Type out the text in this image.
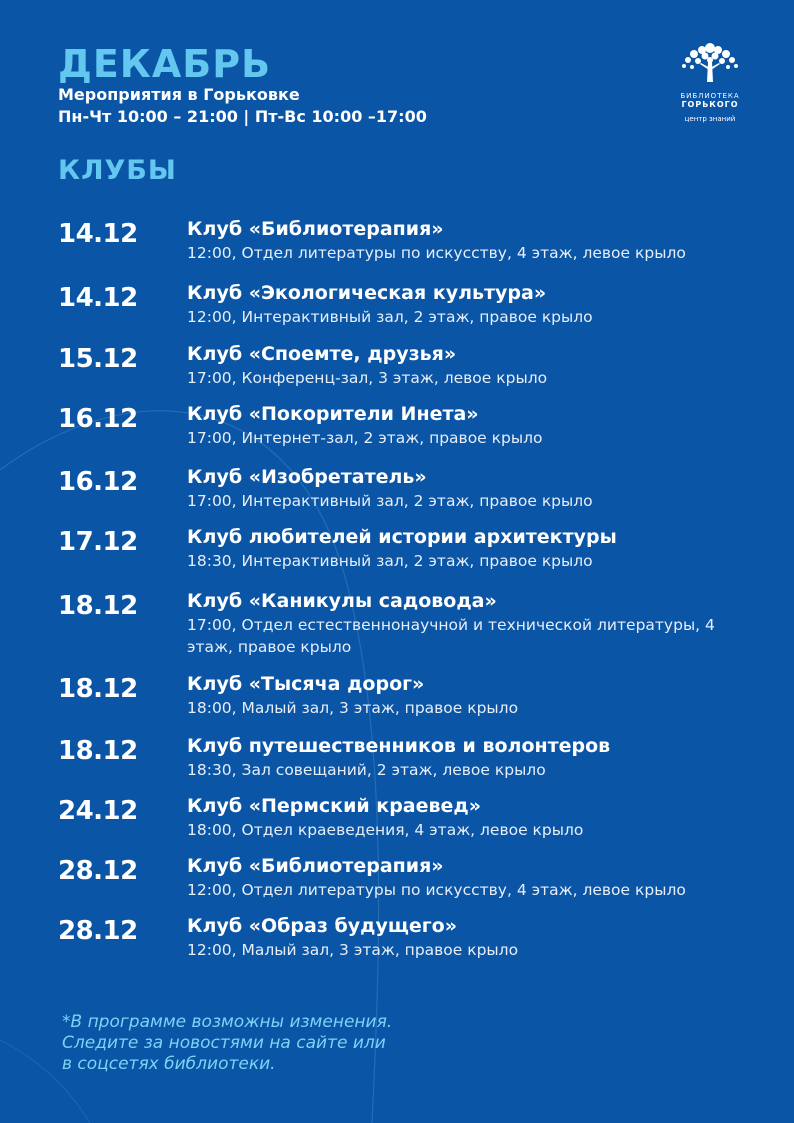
ДЕКАБРЬ
Мероприятия в Горьковке
Пн-Чт 10:00 – 21:00 | Пт-Вс 10:00 –17:00
БИБЛИОТЕКА
ГОРЬКОГО
центр знаний
КЛУБЫ
14.12	Клуб «Библиотерапия»
12:00, Отдел литературы по искусству, 4 этаж, левое крыло
14.12	Клуб «Экологическая культура»
12:00, Интерактивный зал, 2 этаж, правое крыло
15.12	Клуб «Споемте, друзья»
17:00, Конференц-зал, 3 этаж, левое крыло
16.12	Клуб «Покорители Инета»
17:00, Интернет-зал, 2 этаж, правое крыло
16.12	Клуб «Изобретатель»
17:00, Интерактивный зал, 2 этаж, правое крыло
17.12	Клуб любителей истории архитектуры
18:30, Интерактивный зал, 2 этаж, правое крыло
18.12	Клуб «Каникулы садовода»
17:00, Отдел естественнонаучной и технической литературы, 4 этаж, правое крыло
18.12	Клуб «Тысяча дорог»
18:00, Малый зал, 3 этаж, правое крыло
18.12	Клуб путешественников и волонтеров
18:30, Зал совещаний, 2 этаж, левое крыло
24.12	Клуб «Пермский краевед»
18:00, Отдел краеведения, 4 этаж, левое крыло
28.12	Клуб «Библиотерапия»
12:00, Отдел литературы по искусству, 4 этаж, левое крыло
28.12	Клуб «Образ будущего»
12:00, Малый зал, 3 этаж, правое крыло
*В программе возможны изменения.
Следите за новостями на сайте или
в соцсетях библиотеки.
